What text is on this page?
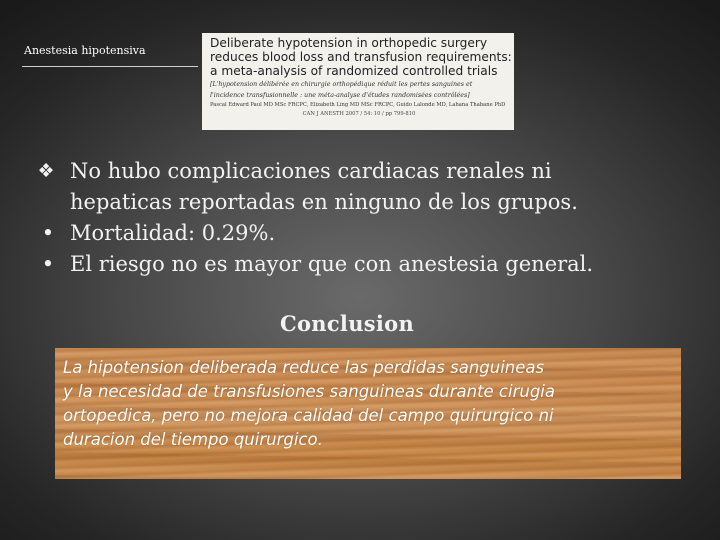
Anestesia hipotensiva
Deliberate hypotension in orthopedic surgery
reduces blood loss and transfusion requirements:
a meta-analysis of randomized controlled trials
[L'hypotension délibérée en chirurgie orthopédique réduit les pertes sanguines et
l'incidence transfusionnelle : une méta-analyse d'études randomisées contrôlées]
Pascal Edward Paul MD MSc FRCPC, Elizabeth Ling MD MSc FRCPC, Guido Lalonde MD, Lahana Thabane PhD
CAN J ANESTH 2007 / 54: 10 / pp 799-810
❖ No hubo complicaciones cardiacas renales ni
hepaticas reportadas en ninguno de los grupos.
• Mortalidad: 0.29%.
• El riesgo no es mayor que con anestesia general.
Conclusion

La hipotension deliberada reduce las perdidas sanguineas
y la necesidad de transfusiones sanguineas durante cirugia
ortopedica, pero no mejora calidad del campo quirurgico ni
duracion del tiempo quirurgico.
